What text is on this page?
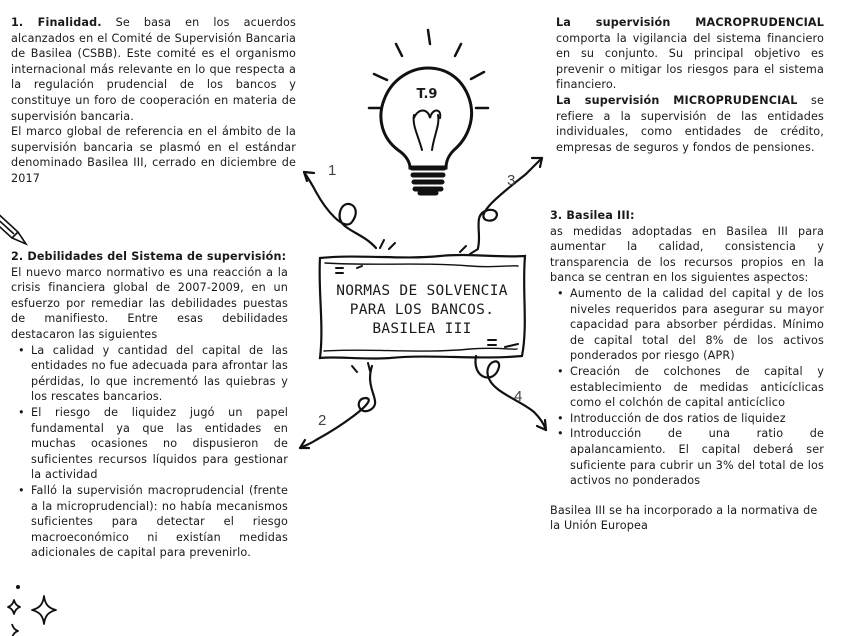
T.9
NORMAS DE SOLVENCIA
PARA LOS BANCOS.
BASILEA III
1
2
3
4

1. Finalidad. Se basa en los acuerdos alcanzados en el Comité de Supervisión Bancaria de Basilea (CSBB). Este comité es el organismo internacional más relevante en lo que respecta a la regulación prudencial de los bancos y constituye un foro de cooperación en materia de supervisión bancaria.

El marco global de referencia en el ámbito de la supervisión bancaria se plasmó en el estándar denominado Basilea III, cerrado en diciembre de 2017

2. Debilidades del Sistema de supervisión:

El nuevo marco normativo es una reacción a la crisis financiera global de 2007-2009, en un esfuerzo por remediar las debilidades puestas de manifiesto. Entre esas debilidades destacaron las siguientes

• La calidad y cantidad del capital de las entidades no fue adecuada para afrontar las pérdidas, lo que incrementó las quiebras y los rescates bancarios.
• El riesgo de liquidez jugó un papel fundamental ya que las entidades en muchas ocasiones no dispusieron de suficientes recursos líquidos para gestionar la actividad
• Falló la supervisión macroprudencial (frente a la microprudencial): no había mecanismos suficientes para detectar el riesgo macroeconómico ni existían medidas adicionales de capital para prevenirlo.

La supervisión MACROPRUDENCIAL comporta la vigilancia del sistema financiero en su conjunto. Su principal objetivo es prevenir o mitigar los riesgos para el sistema financiero.

La supervisión MICROPRUDENCIAL se refiere a la supervisión de las entidades individuales, como entidades de crédito, empresas de seguros y fondos de pensiones.

3. Basilea III:

as medidas adoptadas en Basilea III para aumentar la calidad, consistencia y transparencia de los recursos propios en la banca se centran en los siguientes aspectos:

• Aumento de la calidad del capital y de los niveles requeridos para asegurar su mayor capacidad para absorber pérdidas. Mínimo de capital total del 8% de los activos ponderados por riesgo (APR)
• Creación de colchones de capital y establecimiento de medidas anticíclicas como el colchón de capital anticíclico
• Introducción de dos ratios de liquidez
• Introducción de una ratio de apalancamiento. El capital deberá ser suficiente para cubrir un 3% del total de los activos no ponderados

Basilea III se ha incorporado a la normativa de la Unión Europea
